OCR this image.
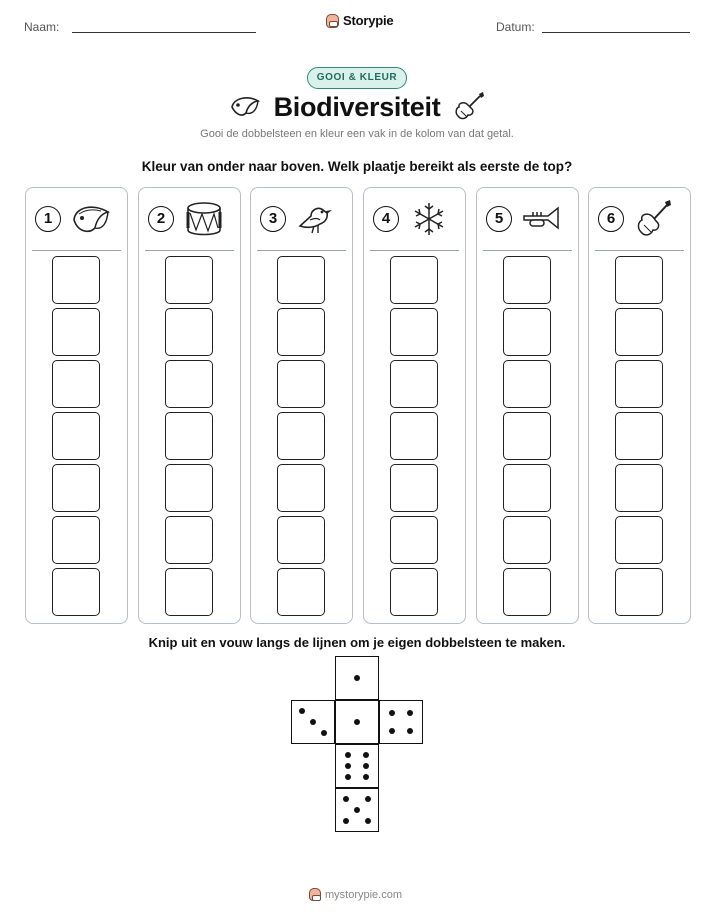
Naam:	Storypie	Datum:
GOOI & KLEUR
Biodiversiteit
Gooi de dobbelsteen en kleur een vak in de kolom van dat getal.
Kleur van onder naar boven. Welk plaatje bereikt als eerste de top?
1	2	3	4	5	6
Knip uit en vouw langs de lijnen om je eigen dobbelsteen te maken.
mystorypie.com
